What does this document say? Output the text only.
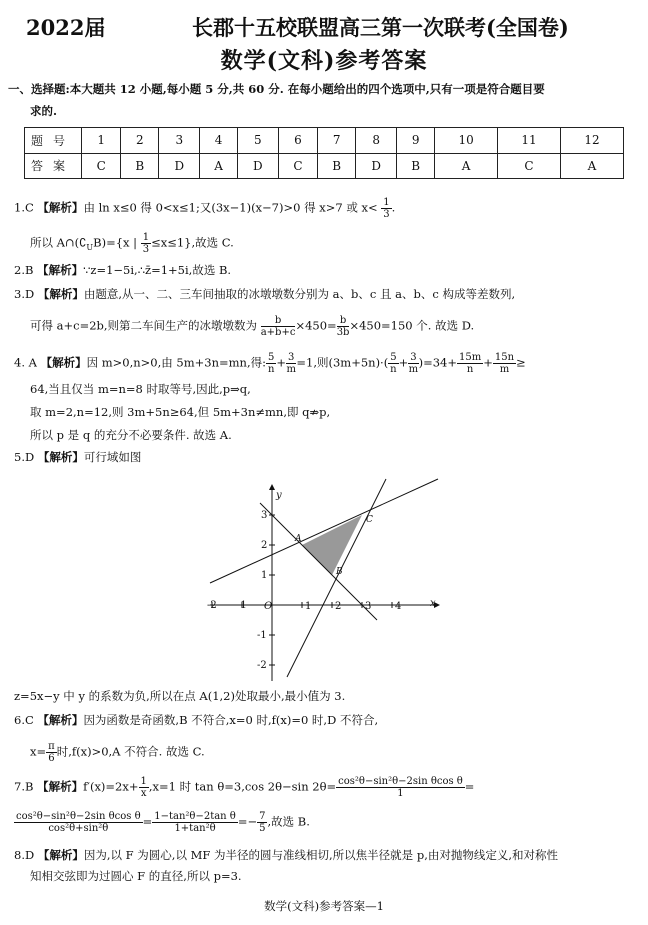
2022届	长郡十五校联盟高三第一次联考(全国卷)
数学(文科)参考答案
一、选择题:本大题共 12 小题,每小题 5 分,共 60 分. 在每小题给出的四个选项中,只有一项是符合题目要
求的.
题号	1	2	3	4	5	6	7	8	9	10	11	12
答案	C	B	D	A	D	C	B	D	B	A	C	A
1.C 【解析】由 ln x≤0 得 0<x≤1;又(3x−1)(x−7)>0 得 x>7 或 $x< \frac{1}{3}$ .
所以 $A\cap(∁_UB)=\{x$ | $\frac{1}{3} \le x\le 1$},故选 C.
2.B 【解析】∵z=1−5i,∴z̄=1+5i,故选 B.
3.D 【解析】由题意,从一、二、三车间抽取的冰墩墩数分别为 a、b、c 且 a、b、c 构成等差数列,
可得 a+c=2b,则第二车间生产的冰墩墩数为 $\frac{b}{a+b+c} \times 450= \frac{b}{3b} \times 450=150$ 个. 故选 D.
4. A 【解析】因 m>0,n>0,由 5m+3n=mn,得: $\frac{5}{n} + \frac{3}{m} =1$,则$(3m+5n)\cdot( \frac{5}{n} + \frac{3}{m} )=34+ \frac{15m}{n} + \frac{15n}{m}$ ≥
64,当且仅当 m=n=8 时取等号,因此,p⇒q,
取 m=2,n=12,则 3m+5n≥64,但 5m+3n≠mn,即 q⇏p,
所以 p 是 q 的充分不必要条件. 故选 A.
5.D 【解析】可行域如图
-2 -1 O	1 2 3 4	x
y
3
2
1
-1
-2
A
B
C
z=5x−y 中 y 的系数为负,所以在点 A(1,2)处取最小,最小值为 3.
6.C 【解析】因为函数是奇函数,B 不符合,x=0 时,f(x)=0 时,D 不符合,
$x= \frac{\pi}{6}$ 时,f(x)>0,A 不符合. 故选 C.
7.B 【解析】$f'(x)=2x+ \frac{1}{x} ,x=1$ 时 tan θ=3,cos 2θ−sin $2\theta= \frac{\text{cos²θ−sin²θ−2sin θcos θ}}{1}$ =
$\frac{\text{cos²θ−sin²θ−2sin θcos θ}}{\text{cos²θ+sin²θ}} = \frac{\text{1−tan²θ−2tan θ}}{\text{1+tan²θ}} =- \frac{7}{5}$ ,故选 B.
8.D 【解析】因为,以 F 为圆心,以 MF 为半径的圆与准线相切,所以焦半径就是 p,由对抛物线定义,和对称性
知相交弦即为过圆心 F 的直径,所以 p=3.
数学(文科)参考答案—1
